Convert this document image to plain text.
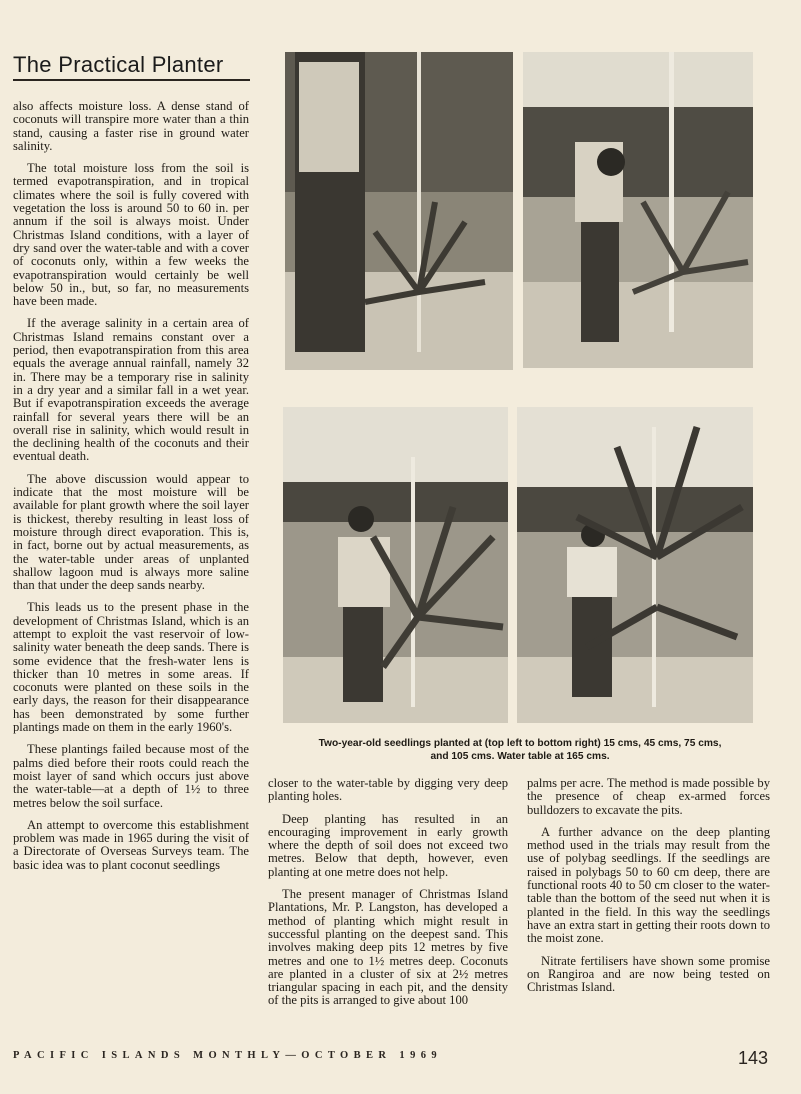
The Practical Planter

also affects moisture loss. A dense stand of coconuts will transpire more water than a thin stand, causing a faster rise in ground water salinity.

The total moisture loss from the soil is termed evapotranspiration, and in tropical climates where the soil is fully covered with vegetation the loss is around 50 to 60 in. per annum if the soil is always moist. Under Christmas Island conditions, with a layer of dry sand over the water-table and with a cover of coconuts only, within a few weeks the evapotranspiration would certainly be well below 50 in., but, so far, no measurements have been made.

If the average salinity in a certain area of Christmas Island remains constant over a period, then evapotranspiration from this area equals the average annual rainfall, namely 32 in. There may be a temporary rise in salinity in a dry year and a similar fall in a wet year. But if evapotranspiration exceeds the average rainfall for several years there will be an overall rise in salinity, which would result in the declining health of the coconuts and their eventual death.

The above discussion would appear to indicate that the most moisture will be available for plant growth where the soil layer is thickest, thereby resulting in least loss of moisture through direct evaporation. This is, in fact, borne out by actual measurements, as the water-table under areas of unplanted shallow lagoon mud is always more saline than that under the deep sands nearby.

This leads us to the present phase in the development of Christmas Island, which is an attempt to exploit the vast reservoir of low-salinity water beneath the deep sands. There is some evidence that the fresh-water lens is thicker than 10 metres in some areas. If coconuts were planted on these soils in the early days, the reason for their disappearance has been demonstrated by some further plantings made on them in the early 1960's.

These plantings failed because most of the palms died before their roots could reach the moist layer of sand which occurs just above the water-table—at a depth of 1½ to three metres below the soil surface.

An attempt to overcome this establishment problem was made in 1965 during the visit of a Directorate of Overseas Surveys team. The basic idea was to plant coconut seedlings

Two-year-old seedlings planted at (top left to bottom right) 15 cms, 45 cms, 75 cms,
and 105 cms. Water table at 165 cms.

closer to the water-table by digging very deep planting holes.

Deep planting has resulted in an encouraging improvement in early growth where the depth of soil does not exceed two metres. Below that depth, however, even planting at one metre does not help.

The present manager of Christmas Island Plantations, Mr. P. Langston, has developed a method of planting which might result in successful planting on the deepest sand. This involves making deep pits 12 metres by five metres and one to 1½ metres deep. Coconuts are planted in a cluster of six at 2½ metres triangular spacing in each pit, and the density of the pits is arranged to give about 100

palms per acre. The method is made possible by the presence of cheap ex-armed forces bulldozers to excavate the pits.

A further advance on the deep planting method used in the trials may result from the use of polybag seedlings. If the seedlings are raised in polybags 50 to 60 cm deep, there are functional roots 40 to 50 cm closer to the water-table than the bottom of the seed nut when it is planted in the field. In this way the seedlings have an extra start in getting their roots down to the moist zone.

Nitrate fertilisers have shown some promise on Rangiroa and are now being tested on Christmas Island.

PACIFIC ISLANDS MONTHLY—OCTOBER 1969	143
